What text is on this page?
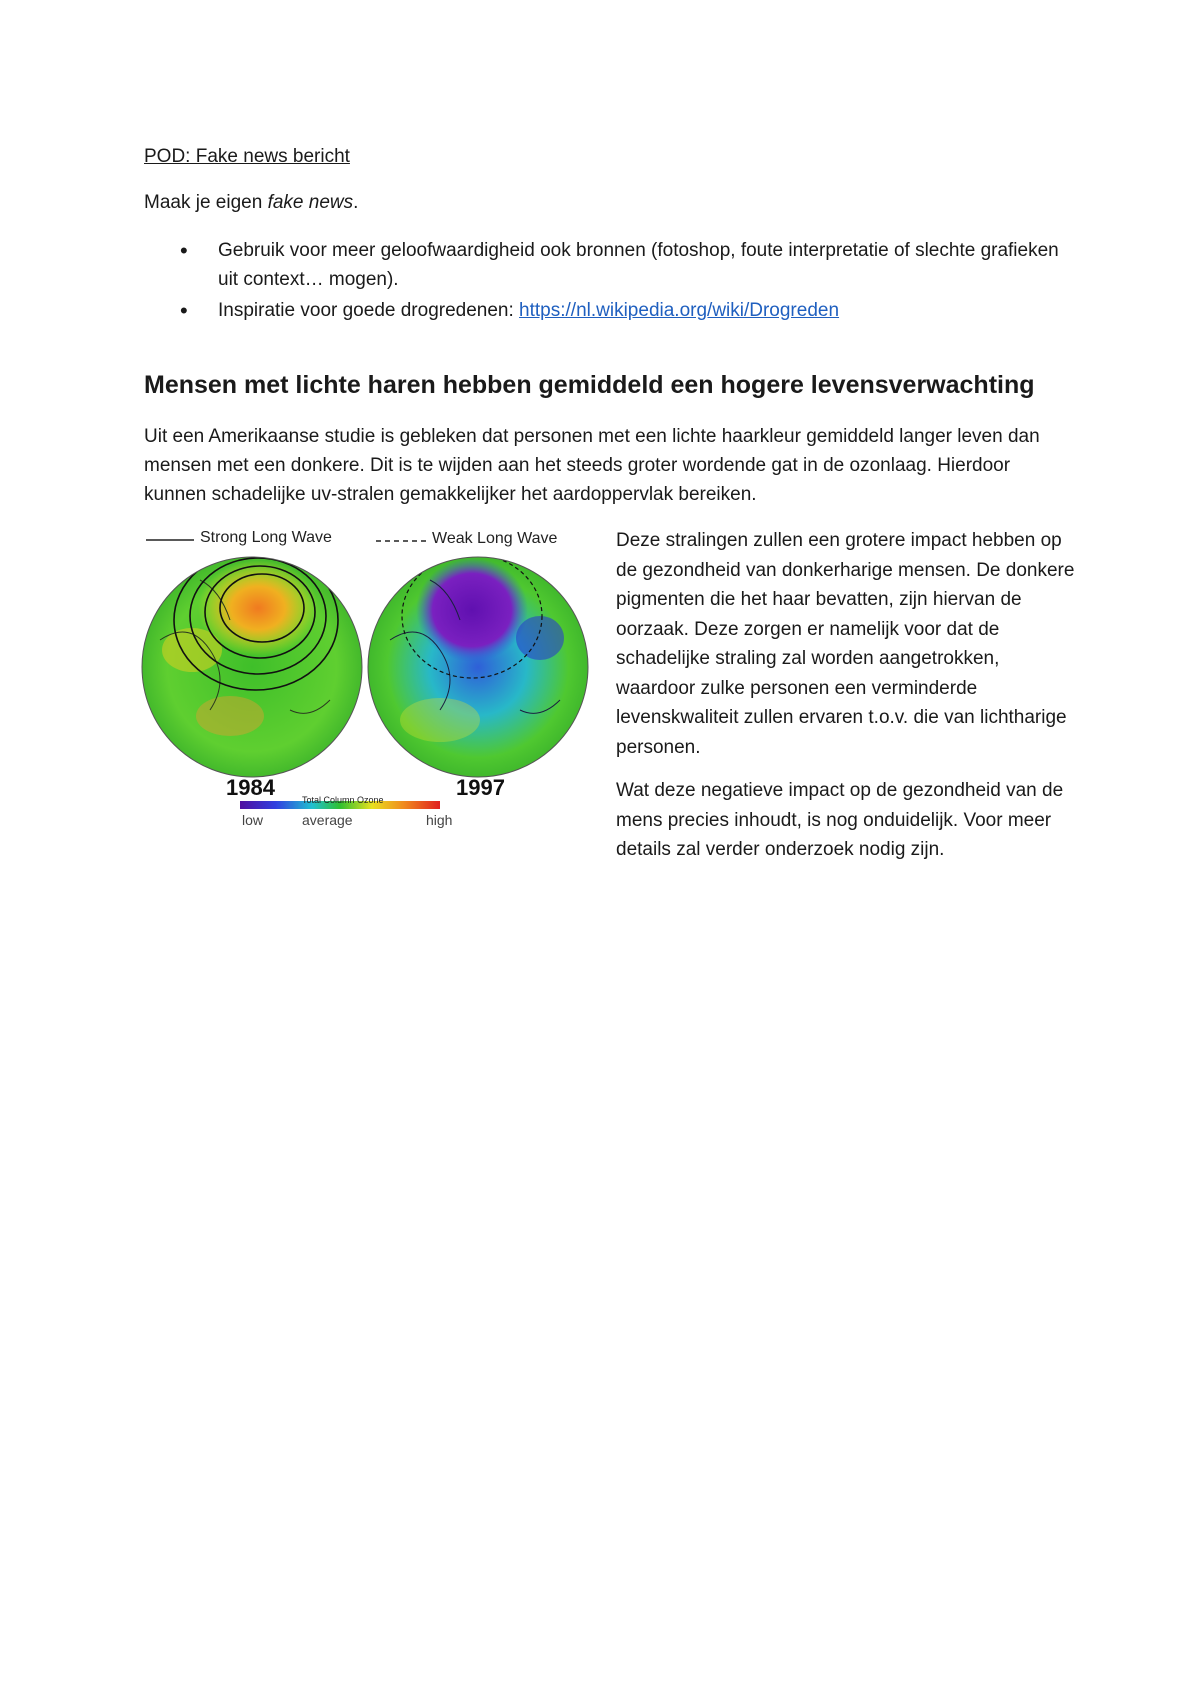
POD: Fake news bericht
Maak je eigen fake news.
• Gebruik voor meer geloofwaardigheid ook bronnen (fotoshop, foute interpretatie of slechte grafieken uit context… mogen).
• Inspiratie voor goede drogredenen: https://nl.wikipedia.org/wiki/Drogreden
Mensen met lichte haren hebben gemiddeld een hogere levensverwachting

Uit een Amerikaanse studie is gebleken dat personen met een lichte haarkleur gemiddeld langer leven dan mensen met een donkere. Dit is te wijden aan het steeds groter wordende gat in de ozonlaag. Hierdoor kunnen schadelijke uv-stralen gemakkelijker het aardoppervlak bereiken.

Strong Long Wave	Weak Long Wave
1984	1997
Total Column Ozone
low	average	high

Deze stralingen zullen een grotere impact hebben op de gezondheid van donkerharige mensen. De donkere pigmenten die het haar bevatten, zijn hiervan de oorzaak. Deze zorgen er namelijk voor dat de schadelijke straling zal worden aangetrokken, waardoor zulke personen een verminderde levenskwaliteit zullen ervaren t.o.v. die van lichtharige personen.

Wat deze negatieve impact op de gezondheid van de mens precies inhoudt, is nog onduidelijk. Voor meer details zal verder onderzoek nodig zijn.
